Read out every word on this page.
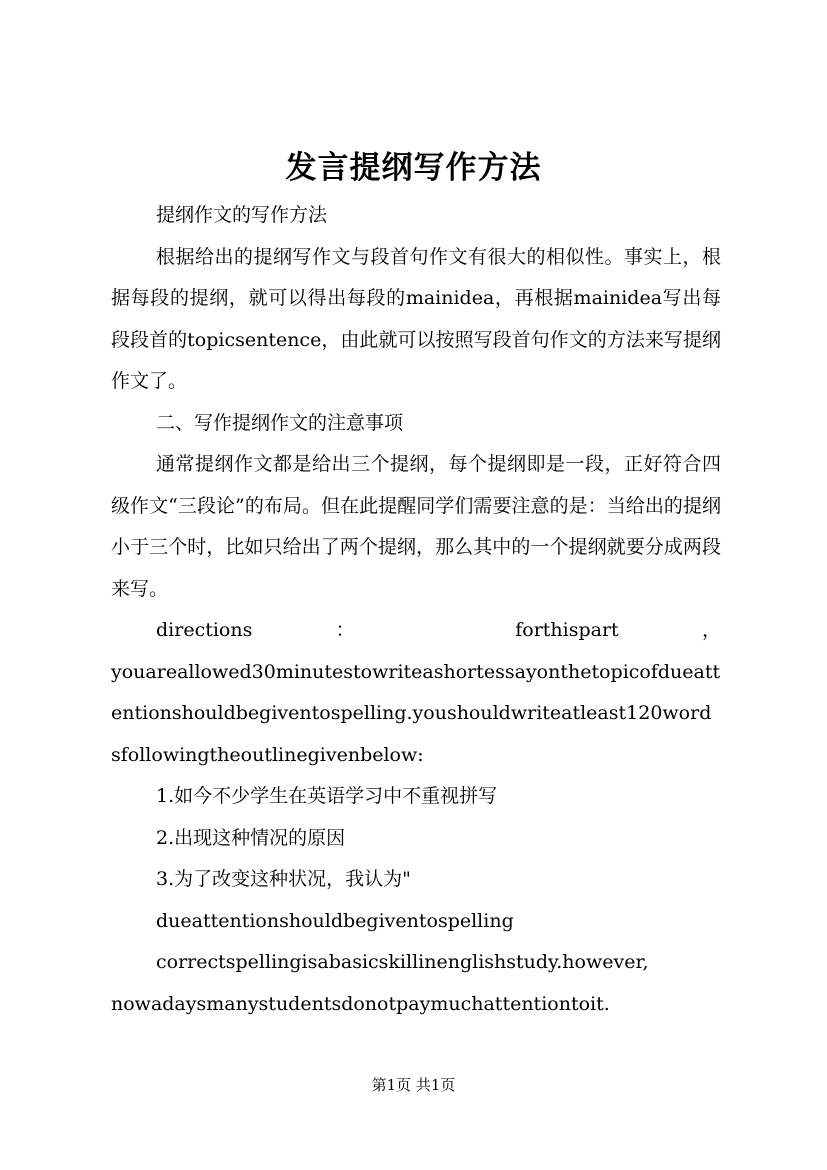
发言提纲写作方法

提纲作文的写作方法

根据给出的提纲写作文与段首句作文有很大的相似性。事实上，根据每段的提纲，就可以得出每段的mainidea，再根据mainidea写出每段段首的topicsentence，由此就可以按照写段首句作文的方法来写提纲作文了。

二、写作提纲作文的注意事项

通常提纲作文都是给出三个提纲，每个提纲即是一段，正好符合四级作文“三段论”的布局。但在此提醒同学们需要注意的是：当给出的提纲小于三个时，比如只给出了两个提纲，那么其中的一个提纲就要分成两段来写。

directions ： forthispart ，

youareallowed30minutestowriteashortessayonthetopicofdueattentionshouldbegiventospelling.youshouldwriteatleast120wordsfollowingtheoutlinegivenbelow:

1.如今不少学生在英语学习中不重视拼写

2.出现这种情况的原因

3.为了改变这种状况，我认为"

dueattentionshouldbegiventospelling

correctspellingisabasicskillinenglishstudy.however,

nowadaysmanystudentsdonotpaymuchattentiontoit.

第1页 共1页
